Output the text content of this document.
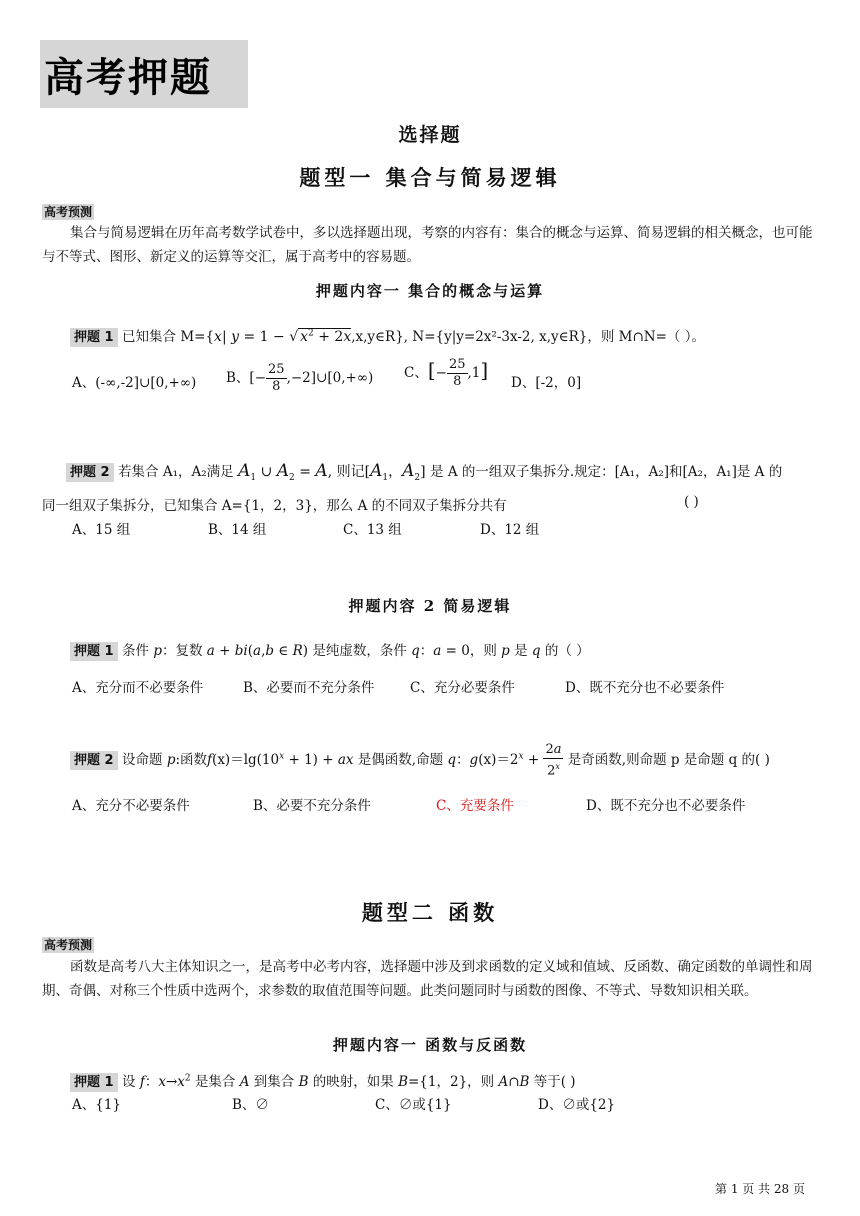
高考押题
选择题
题型一 集合与简易逻辑
高考预测
集合与简易逻辑在历年高考数学试卷中，多以选择题出现，考察的内容有：集合的概念与运算、简易逻辑的相关概念，也可能与不等式、图形、新定义的运算等交汇，属于高考中的容易题。
押题内容一 集合的概念与运算
押题 1 已知集合 M={x| y = 1 − √ $x^2$ + 2x,x,y∈R}, N={y|y=2x²-3x-2, x,y∈R}，则 M∩N=（ ）。
A、(-∞,-2]∪[0,+∞) B、[− $\frac{25}{8}$ ,−2]∪[0,+∞) C、[− $\frac{25}{8} ,1$]
D、[-2，0]
押题 2 若集合 A₁，A₂满足 $A_1$ ∪ $A_2 = A$, 则记[$A_1$，$A_2$] 是 A 的一组双子集拆分.规定：[A₁，A₂]和[A₂，A₁]是 A 的
同一组双子集拆分，已知集合 A={1，2，3}，那么 A 的不同双子集拆分共有	( )
A、15 组	B、14 组	C、13 组	D、12 组
押题内容 2 简易逻辑
押题 1 条件 p：复数 a + bi(a,b ∈ R) 是纯虚数，条件 q：a = 0，则 p 是 q 的（ ）
A、充分而不必要条件	B、必要而不充分条件	C、充分必要条件	D、既不充分也不必要条件
押题 2 设命题 p:函数$f(x)=\lg(10^x + 1)$ + ax 是偶函数,命题 q：$g(x)=2^x + \frac{2a}{2^x}$ 是奇函数,则命题 p 是命题 q 的( )
A、充分不必要条件	B、必要不充分条件	C、充要条件	D、既不充分也不必要条件
题型二 函数
高考预测
函数是高考八大主体知识之一，是高考中必考内容，选择题中涉及到求函数的定义域和值域、反函数、确定函数的单调性和周期、奇偶、对称三个性质中选两个，求参数的取值范围等问题。此类问题同时与函数的图像、不等式、导数知识相关联。
押题内容一 函数与反函数
押题 1 设 f：$x\to x^2$ 是集合 A 到集合 B 的映射，如果 B={1，2}，则 A∩B 等于( )
A、{1}	B、∅	C、∅或{1}	D、∅或{2}
第 1 页 共 28 页
